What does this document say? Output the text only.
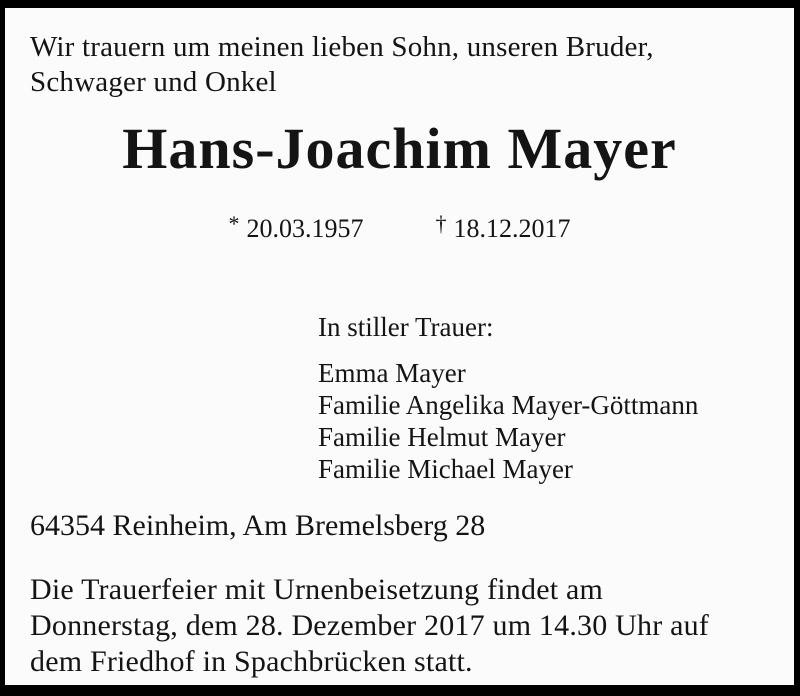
Wir trauern um meinen lieben Sohn, unseren Bruder,
Schwager und Onkel
Hans-Joachim Mayer
* 20.03.1957	† 18.12.2017
In stiller Trauer:
Emma Mayer
Familie Angelika Mayer-Göttmann
Familie Helmut Mayer
Familie Michael Mayer
64354 Reinheim, Am Bremelsberg 28
Die Trauerfeier mit Urnenbeisetzung findet am
Donnerstag, dem 28. Dezember 2017 um 14.30 Uhr auf
dem Friedhof in Spachbrücken statt.
